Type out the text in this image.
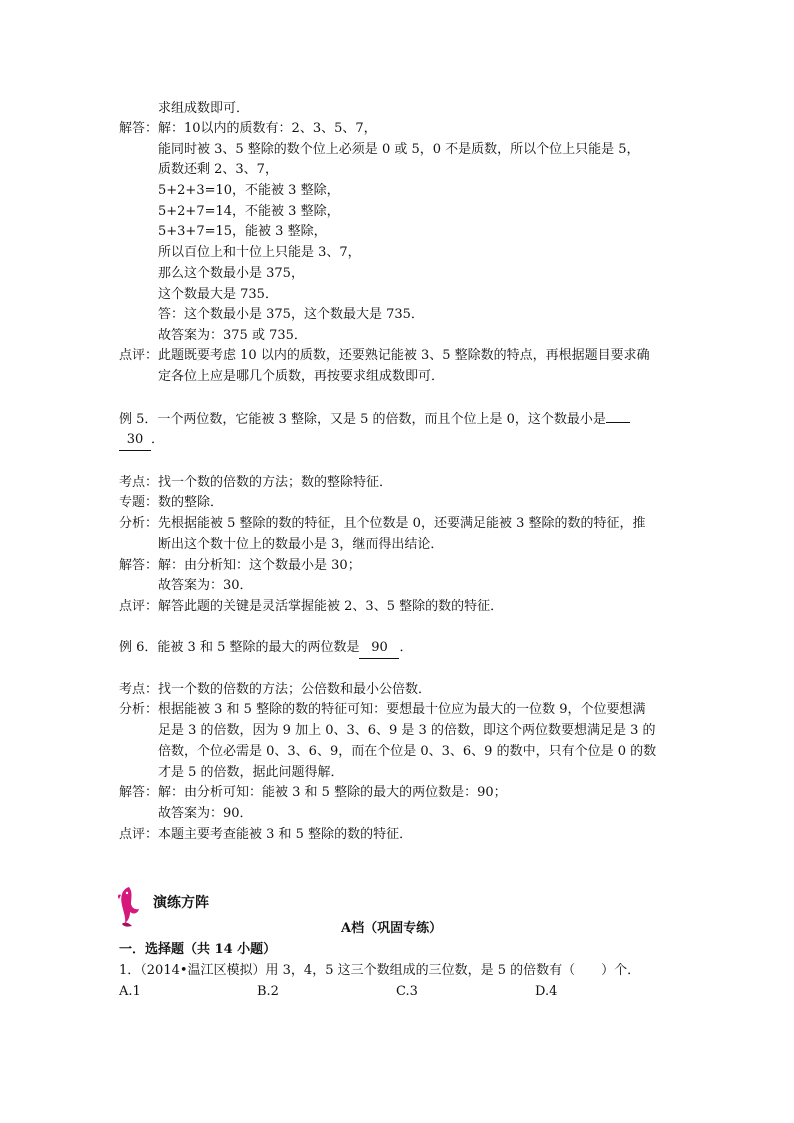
求组成数即可．
解答：解：10以内的质数有：2、3、5、7，
能同时被 3、5 整除的数个位上必须是 0 或 5，0 不是质数，所以个位上只能是 5，
质数还剩 2、3、7，
5+2+3=10，不能被 3 整除，
5+2+7=14，不能被 3 整除，
5+3+7=15，能被 3 整除，
所以百位上和十位上只能是 3、7，
那么这个数最小是 375，
这个数最大是 735．
答：这个数最小是 375，这个数最大是 735．
故答案为：375 或 735．
点评：此题既要考虑 10 以内的质数，还要熟记能被 3、5 整除数的特点，再根据题目要求确
定各位上应是哪几个质数，再按要求组成数即可．
例 5．一个两位数，它能被 3 整除，又是 5 的倍数，而且个位上是 0，这个数最小是
30 ．
考点：找一个数的倍数的方法；数的整除特征．
专题：数的整除．
分析：先根据能被 5 整除的数的特征，且个位数是 0，还要满足能被 3 整除的数的特征，推
断出这个数十位上的数最小是 3，继而得出结论．
解答：解：由分析知：这个数最小是 30；
故答案为：30．
点评：解答此题的关键是灵活掌握能被 2、3、5 整除的数的特征．
例 6．能被 3 和 5 整除的最大的两位数是 90 ．
考点：找一个数的倍数的方法；公倍数和最小公倍数．
分析：根据能被 3 和 5 整除的数的特征可知：要想最十位应为最大的一位数 9，个位要想满
足是 3 的倍数，因为 9 加上 0、3、6、9 是 3 的倍数，即这个两位数要想满足是 3 的
倍数，个位必需是 0、3、6、9，而在个位是 0、3、6、9 的数中，只有个位是 0 的数
才是 5 的倍数，据此问题得解．
解答：解：由分析可知：能被 3 和 5 整除的最大的两位数是：90；
故答案为：90．
点评：本题主要考查能被 3 和 5 整除的数的特征．
演练方阵
A档（巩固专练）
一．选择题（共 14 小题）
1．（2014•温江区模拟）用 3，4，5 这三个数组成的三位数，是 5 的倍数有（　　）个．
A.1	B.2	C.3	D.4
